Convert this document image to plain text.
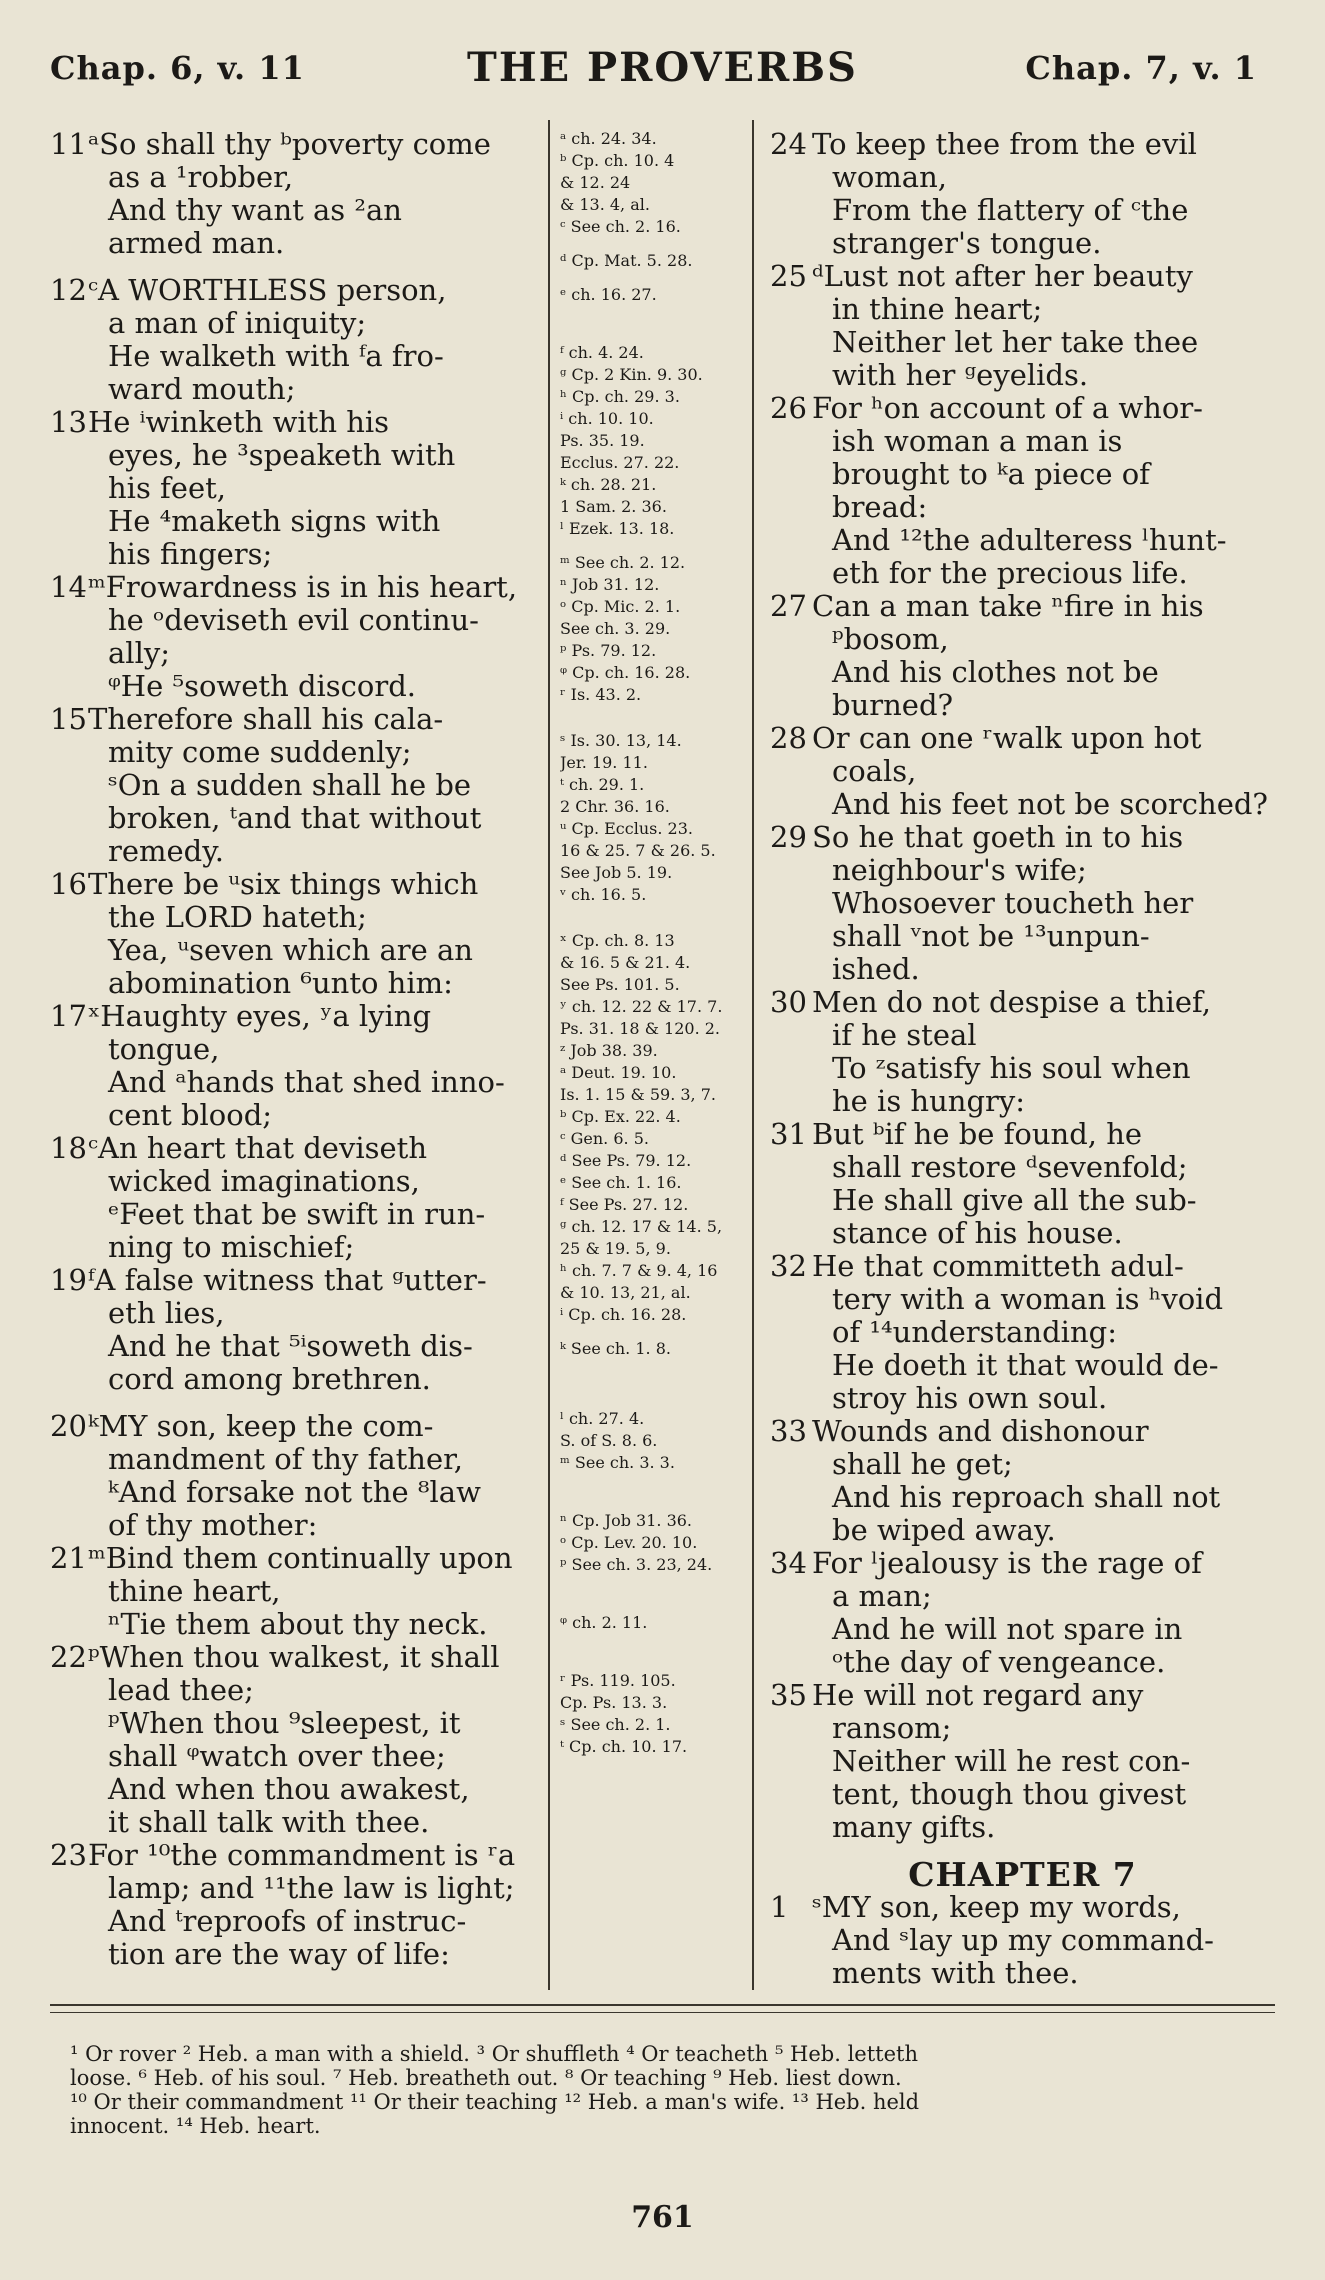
Chap. 6, v. 11	THE PROVERBS	Chap. 7, v. 1
11 ᵃSo shall thy ᵇpoverty come
as a ¹robber,
And thy want as ²an
armed man.
12 ᶜA WORTHLESS person,
a man of iniquity;
He walketh with ᶠa fro-
ward mouth;
13 He ⁱwinketh with his
eyes, he ³speaketh with
his feet,
He ⁴maketh signs with
his fingers;
14 ᵐFrowardness is in his heart,
he ᵒdeviseth evil continu-
ally;
ᵠHe ⁵soweth discord.
15 Therefore shall his cala-
mity come suddenly;
ˢOn a sudden shall he be
broken, ᵗand that without
remedy.
16 There be ᵘsix things which
the LORD hateth;
Yea, ᵘseven which are an
abomination ⁶unto him:
17 ˣHaughty eyes, ʸa lying
tongue,
And ᵃhands that shed inno-
cent blood;
18 ᶜAn heart that deviseth
wicked imaginations,
ᵉFeet that be swift in run-
ning to mischief;
19 ᶠA false witness that ᵍutter-
eth lies,
And he that ⁵ⁱsoweth dis-
cord among brethren.
20 ᵏMY son, keep the com-
mandment of thy father,
ᵏAnd forsake not the ⁸law
of thy mother:
21 ᵐBind them continually upon
thine heart,
ⁿTie them about thy neck.
22 ᵖWhen thou walkest, it shall
lead thee;
ᵖWhen thou ⁹sleepest, it
shall ᵠwatch over thee;
And when thou awakest,
it shall talk with thee.
23 For ¹⁰the commandment is ʳa
lamp; and ¹¹the law is light;
And ᵗreproofs of instruc-
tion are the way of life:
ᵃ ch. 24. 34.
ᵇ Cp. ch. 10. 4
& 12. 24
& 13. 4, al.
ᶜ See ch. 2. 16.
ᵈ Cp. Mat. 5. 28.
ᵉ ch. 16. 27.
ᶠ ch. 4. 24.
ᵍ Cp. 2 Kin. 9. 30.
ʰ Cp. ch. 29. 3.
ⁱ ch. 10. 10.
Ps. 35. 19.
Ecclus. 27. 22.
ᵏ ch. 28. 21.
1 Sam. 2. 36.
ˡ Ezek. 13. 18.
ᵐ See ch. 2. 12.
ⁿ Job 31. 12.
ᵒ Cp. Mic. 2. 1.
See ch. 3. 29.
ᵖ Ps. 79. 12.
ᵠ Cp. ch. 16. 28.
ʳ Is. 43. 2.
ˢ Is. 30. 13, 14.
Jer. 19. 11.
ᵗ ch. 29. 1.
2 Chr. 36. 16.
ᵘ Cp. Ecclus. 23.
16 & 25. 7 & 26. 5.
See Job 5. 19.
ᵛ ch. 16. 5.
ˣ Cp. ch. 8. 13
& 16. 5 & 21. 4.
See Ps. 101. 5.
ʸ ch. 12. 22 & 17. 7.
Ps. 31. 18 & 120. 2.
ᶻ Job 38. 39.
ᵃ Deut. 19. 10.
Is. 1. 15 & 59. 3, 7.
ᵇ Cp. Ex. 22. 4.
ᶜ Gen. 6. 5.
ᵈ See Ps. 79. 12.
ᵉ See ch. 1. 16.
ᶠ See Ps. 27. 12.
ᵍ ch. 12. 17 & 14. 5,
25 & 19. 5, 9.
ʰ ch. 7. 7 & 9. 4, 16
& 10. 13, 21, al.
ⁱ Cp. ch. 16. 28.
ᵏ See ch. 1. 8.
ˡ ch. 27. 4.
S. of S. 8. 6.
ᵐ See ch. 3. 3.
ⁿ Cp. Job 31. 36.
ᵒ Cp. Lev. 20. 10.
ᵖ See ch. 3. 23, 24.
ᵠ ch. 2. 11.
ʳ Ps. 119. 105.
Cp. Ps. 13. 3.
ˢ See ch. 2. 1.
ᵗ Cp. ch. 10. 17.
24 To keep thee from the evil
woman,
From the flattery of ᶜthe
stranger's tongue.
25 ᵈLust not after her beauty
in thine heart;
Neither let her take thee
with her ᵍeyelids.
26 For ʰon account of a whor-
ish woman a man is
brought to ᵏa piece of
bread:
And ¹²the adulteress ˡhunt-
eth for the precious life.
27 Can a man take ⁿfire in his
ᵖbosom,
And his clothes not be
burned?
28 Or can one ʳwalk upon hot
coals,
And his feet not be scorched?
29 So he that goeth in to his
neighbour's wife;
Whosoever toucheth her
shall ᵛnot be ¹³unpun-
ished.
30 Men do not despise a thief,
if he steal
To ᶻsatisfy his soul when
he is hungry:
31 But ᵇif he be found, he
shall restore ᵈsevenfold;
He shall give all the sub-
stance of his house.
32 He that committeth adul-
tery with a woman is ʰvoid
of ¹⁴understanding:
He doeth it that would de-
stroy his own soul.
33 Wounds and dishonour
shall he get;
And his reproach shall not
be wiped away.
34 For ˡjealousy is the rage of
a man;
And he will not spare in
ᵒthe day of vengeance.
35 He will not regard any
ransom;
Neither will he rest con-
tent, though thou givest
many gifts.
CHAPTER 7
1 ˢMY son, keep my words,
And ˢlay up my command-
ments with thee.
¹ Or rover ² Heb. a man with a shield. ³ Or shuffleth ⁴ Or teacheth ⁵ Heb. letteth
loose. ⁶ Heb. of his soul. ⁷ Heb. breatheth out. ⁸ Or teaching ⁹ Heb. liest down.
¹⁰ Or their commandment ¹¹ Or their teaching ¹² Heb. a man's wife. ¹³ Heb. held
innocent. ¹⁴ Heb. heart.
761
